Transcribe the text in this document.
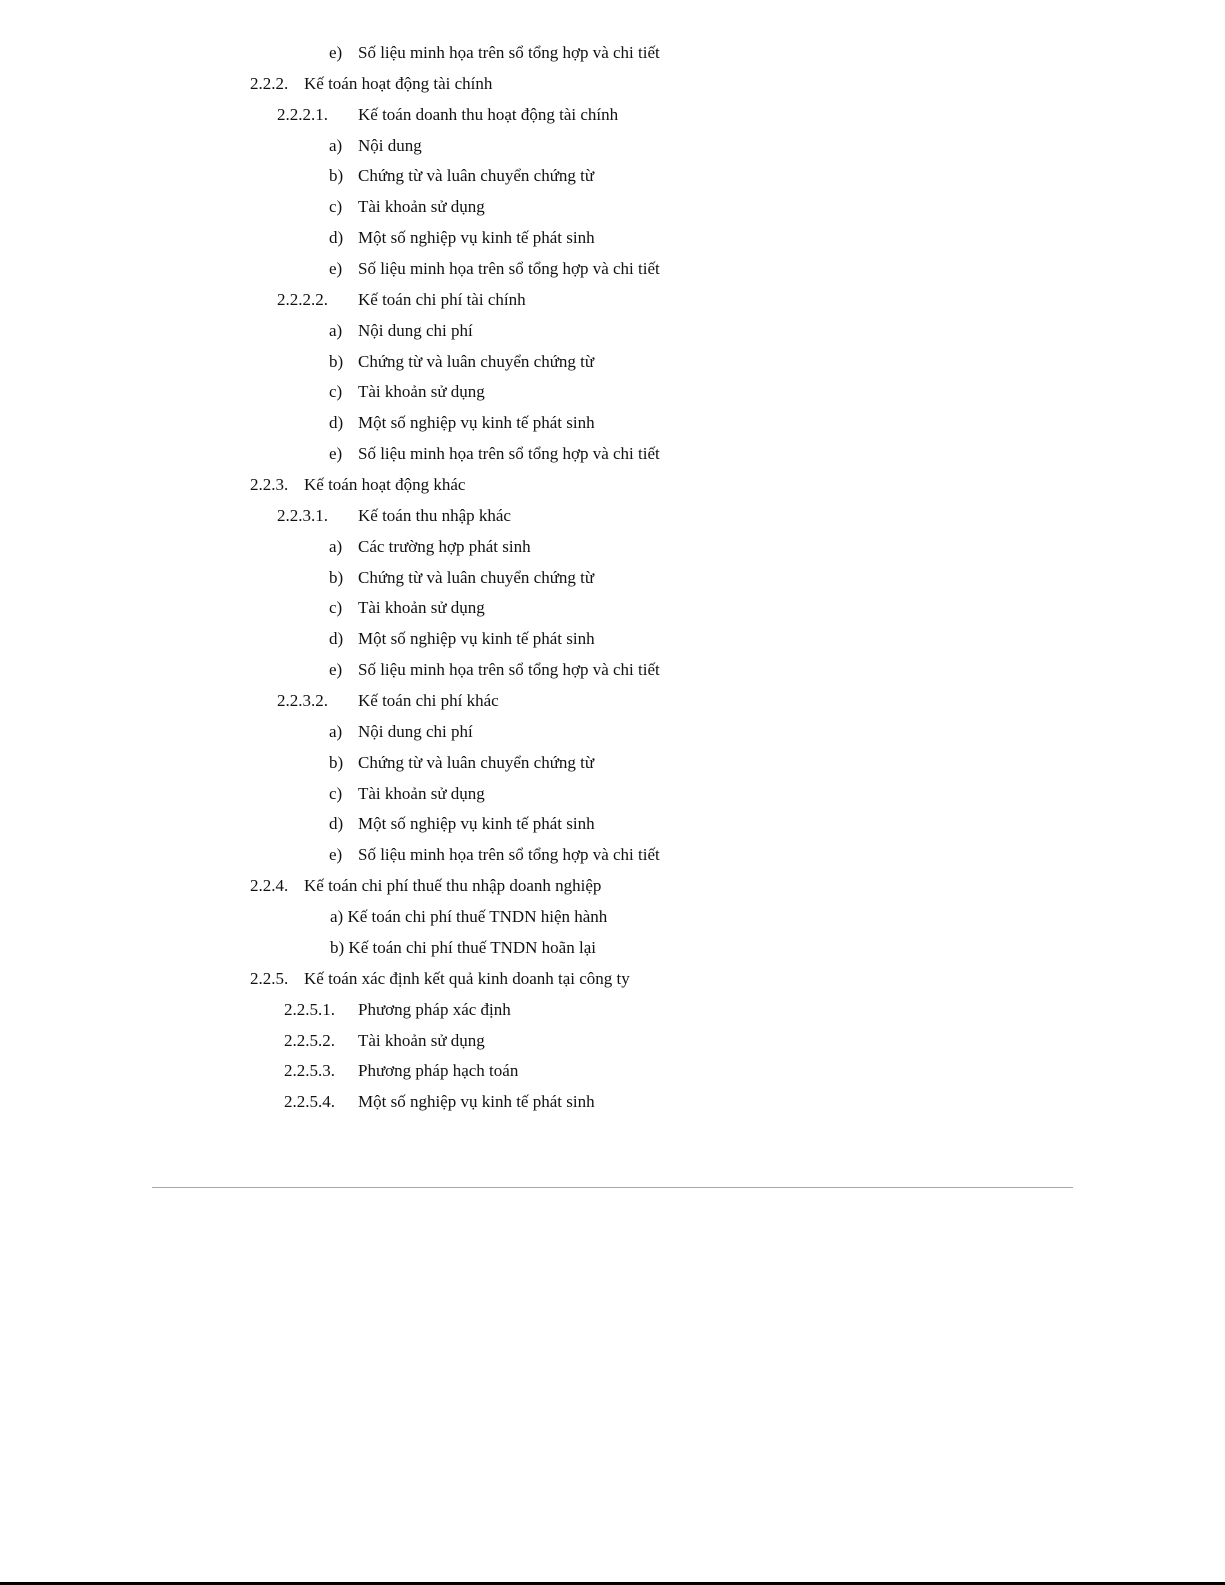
e) Số liệu minh họa trên sổ tổng hợp và chi tiết
2.2.2. Kế toán hoạt động tài chính
2.2.2.1. Kế toán doanh thu hoạt động tài chính
a) Nội dung
b) Chứng từ và luân chuyển chứng từ
c) Tài khoản sử dụng
d) Một số nghiệp vụ kinh tế phát sinh
e) Số liệu minh họa trên sổ tổng hợp và chi tiết
2.2.2.2. Kế toán chi phí tài chính
a) Nội dung chi phí
b) Chứng từ và luân chuyển chứng từ
c) Tài khoản sử dụng
d) Một số nghiệp vụ kinh tế phát sinh
e) Số liệu minh họa trên sổ tổng hợp và chi tiết
2.2.3. Kế toán hoạt động khác
2.2.3.1. Kế toán thu nhập khác
a) Các trường hợp phát sinh
b) Chứng từ và luân chuyển chứng từ
c) Tài khoản sử dụng
d) Một số nghiệp vụ kinh tế phát sinh
e) Số liệu minh họa trên sổ tổng hợp và chi tiết
2.2.3.2. Kế toán chi phí khác
a) Nội dung chi phí
b) Chứng từ và luân chuyển chứng từ
c) Tài khoản sử dụng
d) Một số nghiệp vụ kinh tế phát sinh
e) Số liệu minh họa trên sổ tổng hợp và chi tiết
2.2.4. Kế toán chi phí thuế thu nhập doanh nghiệp
a) Kế toán chi phí thuế TNDN hiện hành
b) Kế toán chi phí thuế TNDN hoãn lại
2.2.5. Kế toán xác định kết quả kinh doanh tại công ty
2.2.5.1. Phương pháp xác định
2.2.5.2. Tài khoản sử dụng
2.2.5.3. Phương pháp hạch toán
2.2.5.4. Một số nghiệp vụ kinh tế phát sinh
